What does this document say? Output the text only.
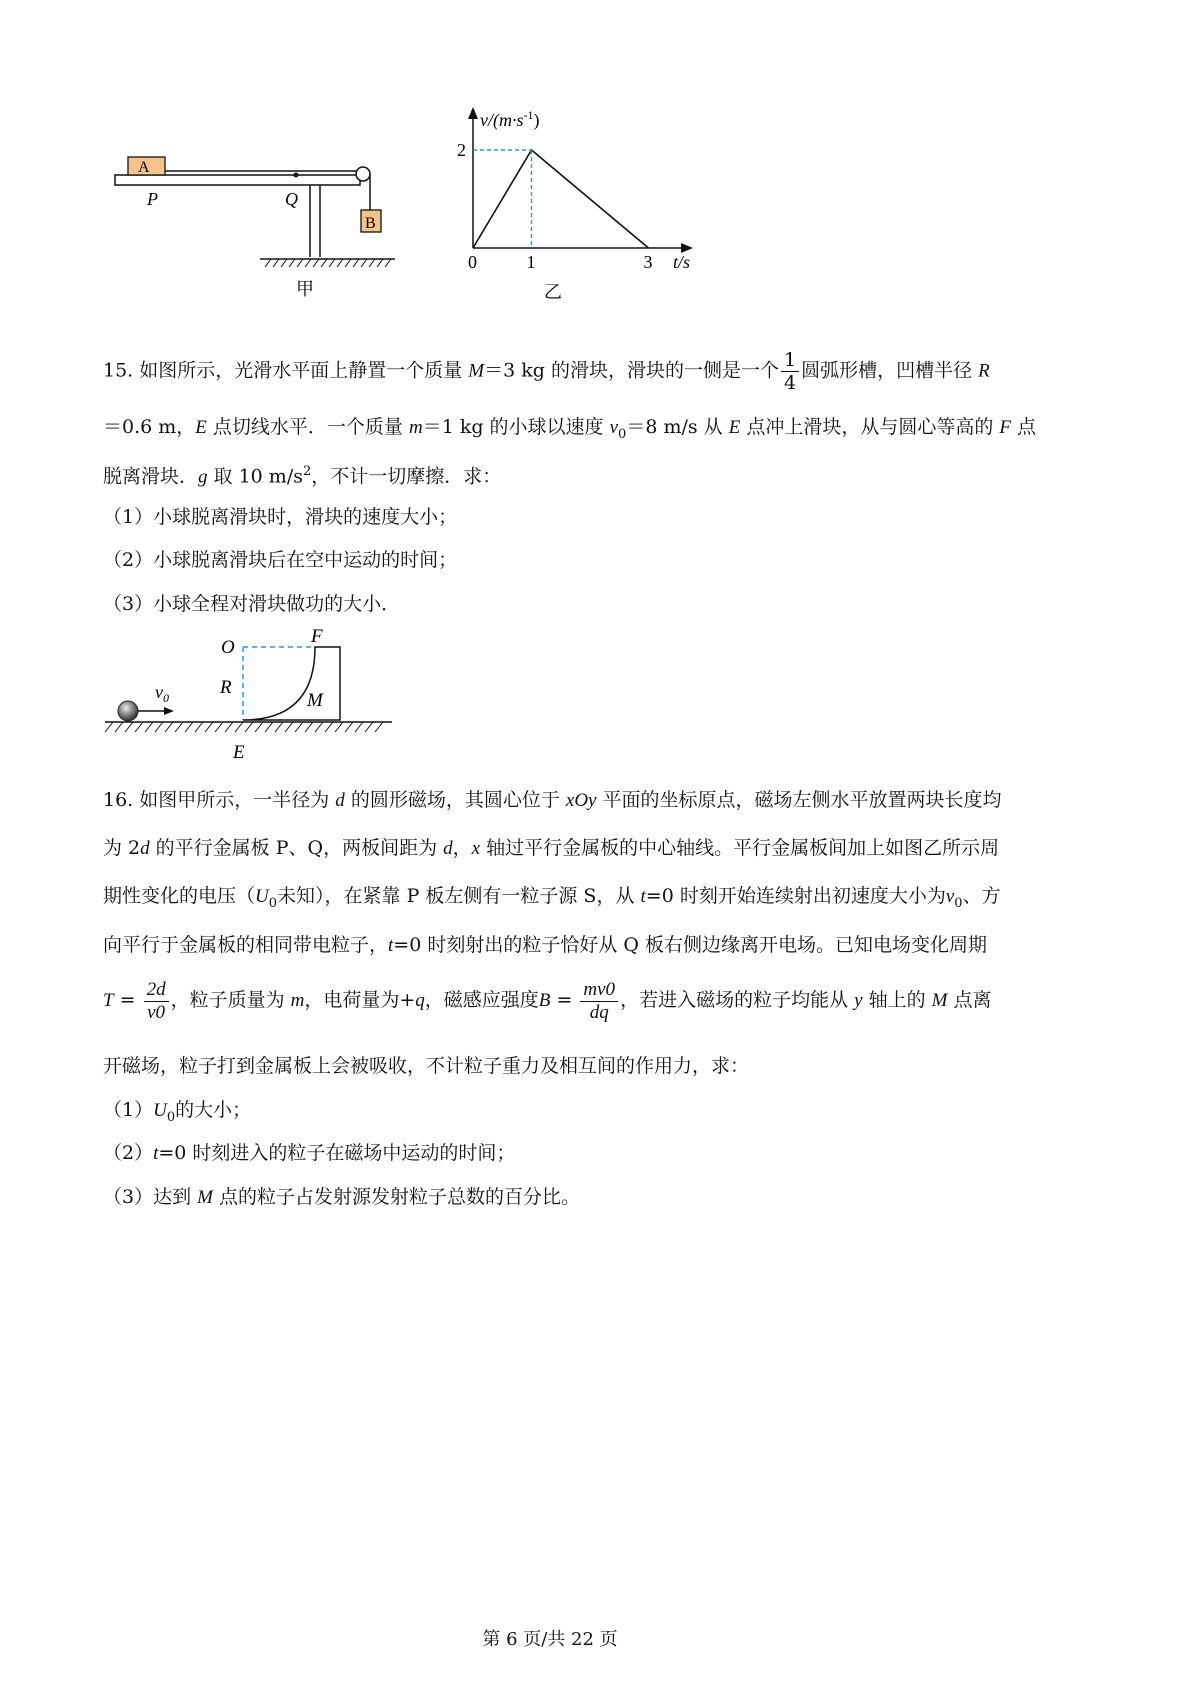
A
B
P	Q
甲
0	1	3
2
$v/(m\cdot s^{-1})$
t/s
乙
15. 如图所示，光滑水平面上静置一个质量 M＝3 kg 的滑块，滑块的一侧是一个 $\frac{1}{4}$ 圆弧形槽，凹槽半径 R
＝0.6 m，E 点切线水平．一个质量 m＝1 kg 的小球以速度 $v_0=8$ m/s 从 E 点冲上滑块，从与圆心等高的 F 点
脱离滑块．g 取 10 $m/s^2$，不计一切摩擦．求：
（1）小球脱离滑块时，滑块的速度大小；
（2）小球脱离滑块后在空中运动的时间；
（3）小球全程对滑块做功的大小．
$v_0$
O
F
R
M
E
16. 如图甲所示，一半径为 d 的圆形磁场，其圆心位于 xOy 平面的坐标原点，磁场左侧水平放置两块长度均
为 2d 的平行金属板 P、Q，两板间距为 d，x 轴过平行金属板的中心轴线。平行金属板间加上如图乙所示周
期性变化的电压（$U_0$未知），在紧靠 P 板左侧有一粒子源 S，从 t=0 时刻开始连续射出初速度大小为$v_0$、方
向平行于金属板的相同带电粒子，t=0 时刻射出的粒子恰好从 Q 板右侧边缘离开电场。已知电场变化周期
$T = \frac{2d}{v0}$ ，粒子质量为 m，电荷量为+q，磁感应强度$B = \frac{mv0}{dq}$ ，若进入磁场的粒子均能从 y 轴上的 M 点离
开磁场，粒子打到金属板上会被吸收，不计粒子重力及相互间的作用力，求：
$(1)U_0$的大小；
（2）t=0 时刻进入的粒子在磁场中运动的时间；
（3）达到 M 点的粒子占发射源发射粒子总数的百分比。
第 6 页/共 22 页
